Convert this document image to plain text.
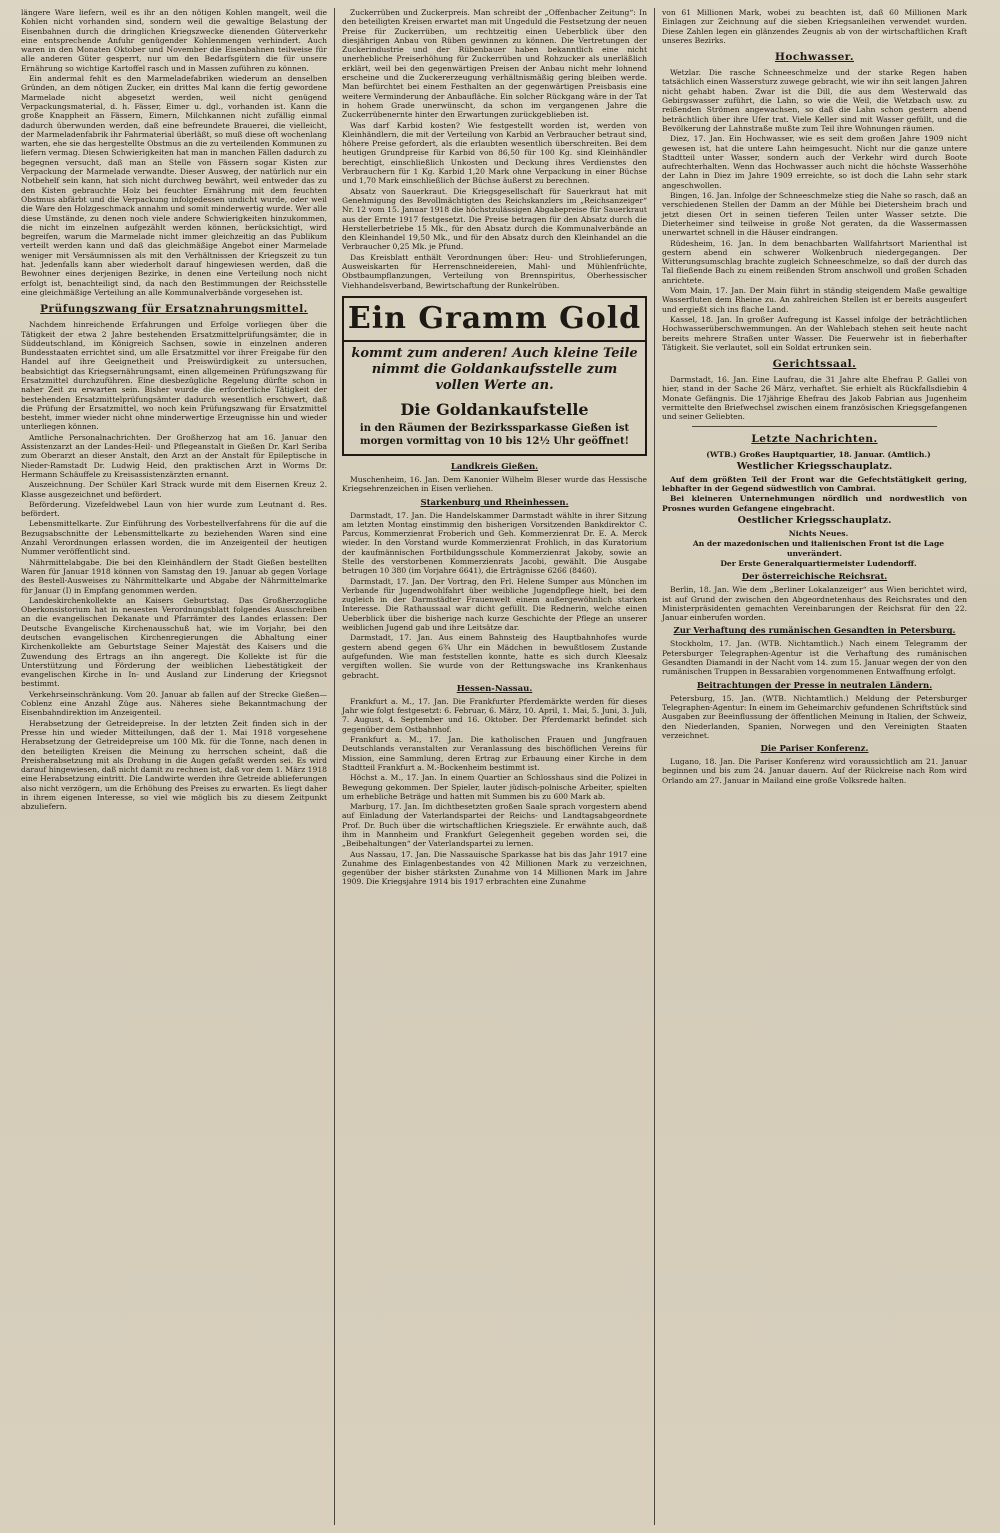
längere Ware liefern, weil es ihr an den nötigen Kohlen mangelt, weil die Kohlen nicht vorhanden sind, sondern weil die gewaltige Belastung der Eisenbahnen durch die dringlichen Kriegszwecke dienenden Güterverkehr eine entsprechende Anfuhr genügender Kohlenmengen verhindert. Auch waren in den Monaten Oktober und November die Eisenbahnen teilweise für alle anderen Güter gesperrt, nur um den Bedarfsgütern die für unsere Ernährung so wichtige Kartoffel rasch und in Massen zuführen zu können.

Ein andermal fehlt es den Marmeladefabriken wiederum an denselben Gründen, an dem nötigen Zucker, ein drittes Mal kann die fertig gewordene Marmelade nicht abgesetzt werden, weil nicht genügend Verpackungsmaterial, d. h. Fässer, Eimer u. dgl., vorhanden ist. Kann die große Knappheit an Fässern, Eimern, Milchkannen nicht zufällig einmal dadurch überwunden werden, daß eine befreundete Brauerei, die vielleicht, der Marmeladenfabrik ihr Fahrmaterial überläßt, so muß diese oft wochenlang warten, ehe sie das hergestellte Obstmus an die zu verteilenden Kommunen zu liefern vermag. Diesen Schwierigkeiten hat man in manchen Fällen dadurch zu begegnen versucht, daß man an Stelle von Fässern sogar Kisten zur Verpackung der Marmelade verwandte. Dieser Ausweg, der natürlich nur ein Notbehelf sein kann, hat sich nicht durchweg bewährt, weil entweder das zu den Kisten gebrauchte Holz bei feuchter Ernährung mit dem feuchten Obstmus abfärbt und die Verpackung infolgedessen undicht wurde, oder weil die Ware den Holzgeschmack annahm und somit minderwertig wurde. Wer alle diese Umstände, zu denen noch viele andere Schwierigkeiten hinzukommen, die nicht im einzelnen aufgezählt werden können, berücksichtigt, wird begreifen, warum die Marmelade nicht immer gleichzeitig an das Publikum verteilt werden kann und daß das gleichmäßige Angebot einer Marmelade weniger mit Versäumnissen als mit den Verhältnissen der Kriegszeit zu tun hat. Jedenfalls kann aber wiederholt darauf hingewiesen werden, daß die Bewohner eines derjenigen Bezirke, in denen eine Verteilung noch nicht erfolgt ist, benachteiligt sind, da nach den Bestimmungen der Reichsstelle eine gleichmäßige Verteilung an alle Kommunalverbände vorgesehen ist.

Prüfungszwang für Ersatznahrungsmittel.

Nachdem hinreichende Erfahrungen und Erfolge vorliegen über die Tätigkeit der etwa 2 Jahre bestehenden Ersatzmittelprüfungsämter, die in Süddeutschland, im Königreich Sachsen, sowie in einzelnen anderen Bundesstaaten errichtet sind, um alle Ersatzmittel vor ihrer Freigabe für den Handel auf ihre Geeignetheit und Preiswürdigkeit zu untersuchen, beabsichtigt das Kriegsernährungsamt, einen allgemeinen Prüfungszwang für Ersatzmittel durchzuführen. Eine diesbezügliche Regelung dürfte schon in naher Zeit zu erwarten sein. Bisher wurde die erforderliche Tätigkeit der bestehenden Ersatzmittelprüfungsämter dadurch wesentlich erschwert, daß die Prüfung der Ersatzmittel, wo noch kein Prüfungszwang für Ersatzmittel besteht, immer wieder nicht ohne minderwertige Erzeugnisse hin und wieder unterliegen können.

Amtliche Personalnachrichten. Der Großherzog hat am 16. Januar den Assistenzarzt an der Landes-Heil- und Pflegeanstalt in Gießen Dr. Karl Seriba zum Oberarzt an dieser Anstalt, den Arzt an der Anstalt für Epileptische in Nieder-Ramstadt Dr. Ludwig Heid, den praktischen Arzt in Worms Dr. Hermann Schäuffele zu Kreisassistenzärzten ernannt.

Auszeichnung. Der Schüler Karl Strack wurde mit dem Eisernen Kreuz 2. Klasse ausgezeichnet und befördert.

Beförderung. Vizefeldwebel Laun von hier wurde zum Leutnant d. Res. befördert.

Lebensmittelkarte. Zur Einführung des Vorbestellverfahrens für die auf die Bezugsabschnitte der Lebensmittelkarte zu beziehenden Waren sind eine Anzahl Verordnungen erlassen worden, die im Anzeigenteil der heutigen Nummer veröffentlicht sind.

Nährmittelabgabe. Die bei den Kleinhändlern der Stadt Gießen bestellten Waren für Januar 1918 können von Samstag den 19. Januar ab gegen Vorlage des Bestell-Ausweises zu Nährmittelkarte und Abgabe der Nährmittelmarke für Januar (I) in Empfang genommen werden.

Landeskirchenkollekte an Kaisers Geburtstag. Das Großherzogliche Oberkonsistorium hat in neuesten Verordnungsblatt folgendes Ausschreiben an die evangelischen Dekanate und Pfarrämter des Landes erlassen: Der Deutsche Evangelische Kirchenausschuß hat, wie im Vorjahr, bei den deutschen evangelischen Kirchenregierungen die Abhaltung einer Kirchenkollekte am Geburtstage Seiner Majestät des Kaisers und die Zuwendung des Ertrags an ihn angeregt. Die Kollekte ist für die Unterstützung und Förderung der weiblichen Liebestätigkeit der evangelischen Kirche in In- und Ausland zur Linderung der Kriegsnot bestimmt.

Verkehrseinschränkung. Vom 20. Januar ab fallen auf der Strecke Gießen—Coblenz eine Anzahl Züge aus. Näheres siehe Bekanntmachung der Eisenbahndirektion im Anzeigenteil.

Herabsetzung der Getreidepreise. In der letzten Zeit finden sich in der Presse hin und wieder Mitteilungen, daß der 1. Mai 1918 vorgesehene Herabsetzung der Getreidepreise um 100 Mk. für die Tonne, nach denen in den beteiligten Kreisen die Meinung zu herrschen scheint, daß die Preisherabsetzung mit als Drohung in die Augen gefaßt werden sei. Es wird darauf hingewiesen, daß nicht damit zu rechnen ist, daß vor dem 1. März 1918 eine Herabsetzung eintritt. Die Landwirte werden ihre Getreide ablieferungen also nicht verzögern, um die Erhöhung des Preises zu erwarten. Es liegt daher in ihrem eigenen Interesse, so viel wie möglich bis zu diesem Zeitpunkt abzuliefern.

Zuckerrüben und Zuckerpreis. Man schreibt der „Offenbacher Zeitung“: In den beteiligten Kreisen erwartet man mit Ungeduld die Festsetzung der neuen Preise für Zuckerrüben, um rechtzeitig einen Ueberblick über den diesjährigen Anbau von Rüben gewinnen zu können. Die Vertretungen der Zuckerindustrie und der Rübenbauer haben bekanntlich eine nicht unerhebliche Preiserhöhung für Zuckerrüben und Rohzucker als unerläßlich erklärt, weil bei den gegenwärtigen Preisen der Anbau nicht mehr lohnend erscheine und die Zuckererzeugung verhältnismäßig gering bleiben werde. Man befürchtet bei einem Festhalten an der gegenwärtigen Preisbasis eine weitere Verminderung der Anbaufläche. Ein solcher Rückgang wäre in der Tat in hohem Grade unerwünscht, da schon im vergangenen Jahre die Zuckerrübenernte hinter den Erwartungen zurückgeblieben ist.

Was darf Karbid kosten? Wie festgestellt worden ist, werden von Kleinhändlern, die mit der Verteilung von Karbid an Verbraucher betraut sind, höhere Preise gefordert, als die erlaubten wesentlich überschreiten. Bei dem heutigen Grundpreise für Karbid von 86,50 für 100 Kg. sind Kleinhändler berechtigt, einschließlich Unkosten und Deckung ihres Verdienstes den Verbrauchern für 1 Kg. Karbid 1,20 Mark ohne Verpackung in einer Büchse und 1,70 Mark einschließlich der Büchse äußerst zu berechnen.

Absatz von Sauerkraut. Die Kriegsgesellschaft für Sauerkraut hat mit Genehmigung des Bevollmächtigten des Reichskanzlers im „Reichsanzeiger“ Nr. 12 vom 15. Januar 1918 die höchstzulässigen Abgabepreise für Sauerkraut aus der Ernte 1917 festgesetzt. Die Preise betragen für den Absatz durch die Herstellerbetriebe 15 Mk., für den Absatz durch die Kommunalverbände an den Kleinhandel 19,50 Mk., und für den Absatz durch den Kleinhandel an die Verbraucher 0,25 Mk. je Pfund.

Das Kreisblatt enthält Verordnungen über: Heu- und Strohlieferungen, Ausweiskarten für Herrenschneidereien, Mahl- und Mühlenfrüchte, Obstbaumpflanzungen, Verteilung von Brennspiritus, Oberhessischer Viehhandelsverband, Bewirtschaftung der Runkelrüben.

Ein Gramm Gold
kommt zum anderen! Auch kleine Teile nimmt die Goldankaufsstelle zum vollen Werte an.
Die Goldankaufstelle
in den Räumen der Bezirkssparkasse Gießen ist morgen vormittag von 10 bis 12½ Uhr geöffnet!
Landkreis Gießen.

Muschenheim, 16. Jan. Dem Kanonier Wilhelm Bleser wurde das Hessische Kriegsehrenzeichen in Eisen verliehen.

Starkenburg und Rheinhessen.

Darmstadt, 17. Jan. Die Handelskammer Darmstadt wählte in ihrer Sitzung am letzten Montag einstimmig den bisherigen Vorsitzenden Bankdirektor C. Parcus, Kommerzienrat Froberich und Geh. Kommerzienrat Dr. E. A. Merck wieder. In den Vorstand wurde Kommerzienrat Frohlich, in das Kuratorium der kaufmännischen Fortbildungsschule Kommerzienrat Jakoby, sowie an Stelle des verstorbenen Kommerzienrats Jacobi, gewählt. Die Ausgabe betrugen 10 380 (im Vorjahre 6641), die Erträgnisse 6266 (8460).

Darmstadt, 17. Jan. Der Vortrag, den Frl. Helene Sumper aus München im Verbande für Jugendwohlfahrt über weibliche Jugendpflege hielt, bei dem zugleich in der Darmstädter Frauenwelt einem außergewöhnlich starken Interesse. Die Rathaussaal war dicht gefüllt. Die Rednerin, welche einen Ueberblick über die bisherige nach kurze Geschichte der Pflege an unserer weiblichen Jugend gab und ihre Leitsätze dar.

Darmstadt, 17. Jan. Aus einem Bahnsteig des Hauptbahnhofes wurde gestern abend gegen 6¾ Uhr ein Mädchen in bewußtlosem Zustande aufgefunden. Wie man feststellen konnte, hatte es sich durch Kleesalz vergiften wollen. Sie wurde von der Rettungswache ins Krankenhaus gebracht.

Hessen-Nassau.

Frankfurt a. M., 17. Jan. Die Frankfurter Pferdemärkte werden für dieses Jahr wie folgt festgesetzt: 6. Februar, 6. März, 10. April, 1. Mai, 5. Juni, 3. Juli, 7. August, 4. September und 16. Oktober. Der Pferdemarkt befindet sich gegenüber dem Ostbahnhof.

Frankfurt a. M., 17. Jan. Die katholischen Frauen und Jungfrauen Deutschlands veranstalten zur Veranlassung des bischöflichen Vereins für Mission, eine Sammlung, deren Ertrag zur Erbauung einer Kirche in dem Stadtteil Frankfurt a. M.-Bockenheim bestimmt ist.

Höchst a. M., 17. Jan. In einem Quartier an Schlosshaus sind die Polizei in Bewegung gekommen. Der Spieler, lauter jüdisch-polnische Arbeiter, spielten um erhebliche Beträge und hatten mit Summen bis zu 600 Mark ab.

Marburg, 17. Jan. Im dichtbesetzten großen Saale sprach vorgestern abend auf Einladung der Vaterlandspartei der Reichs- und Landtagsabgeordnete Prof. Dr. Buch über die wirtschaftlichen Kriegsziele. Er erwähnte auch, daß ihm in Mannheim und Frankfurt Gelegenheit gegeben worden sei, die „Beibehaltungen“ der Vaterlandspartei zu lernen.

Aus Nassau, 17. Jan. Die Nassauische Sparkasse hat bis das Jahr 1917 eine Zunahme des Einlagenbestandes von 42 Millionen Mark zu verzeichnen, gegenüber der bisher stärksten Zunahme von 14 Millionen Mark im Jahre 1909. Die Kriegsjahre 1914 bis 1917 erbrachten eine Zunahme

von 61 Millionen Mark, wobei zu beachten ist, daß 60 Millionen Mark Einlagen zur Zeichnung auf die sieben Kriegsanleihen verwendet wurden. Diese Zahlen legen ein glänzendes Zeugnis ab von der wirtschaftlichen Kraft unseres Bezirks.

Hochwasser.

Wetzlar. Die rasche Schneeschmelze und der starke Regen haben tatsächlich einen Wassersturz zuwege gebracht, wie wir ihn seit langen Jahren nicht gehabt haben. Zwar ist die Dill, die aus dem Westerwald das Gebirgswasser zuführt, die Lahn, so wie die Weil, die Wetzbach usw. zu reißenden Strömen angewachsen, so daß die Lahn schon gestern abend beträchtlich über ihre Ufer trat. Viele Keller sind mit Wasser gefüllt, und die Bevölkerung der Lahnstraße mußte zum Teil ihre Wohnungen räumen.

Diez, 17. Jan. Ein Hochwasser, wie es seit dem großen Jahre 1909 nicht gewesen ist, hat die untere Lahn heimgesucht. Nicht nur die ganze untere Stadtteil unter Wasser, sondern auch der Verkehr wird durch Boote aufrechterhalten. Wenn das Hochwasser auch nicht die höchste Wasserhöhe der Lahn in Diez im Jahre 1909 erreichte, so ist doch die Lahn sehr stark angeschwollen.

Bingen, 16. Jan. Infolge der Schneeschmelze stieg die Nahe so rasch, daß an verschiedenen Stellen der Damm an der Mühle bei Dietersheim brach und jetzt diesen Ort in seinen tieferen Teilen unter Wasser setzte. Die Dieterheimer sind teilweise in große Not geraten, da die Wassermassen unerwartet schnell in die Häuser eindrangen.

Rüdesheim, 16. Jan. In dem benachbarten Wallfahrtsort Marienthal ist gestern abend ein schwerer Wolkenbruch niedergegangen. Der Witterungsumschlag brachte zugleich Schneeschmelze, so daß der durch das Tal fließende Bach zu einem reißenden Strom anschwoll und großen Schaden anrichtete.

Vom Main, 17. Jan. Der Main führt in ständig steigendem Maße gewaltige Wasserfluten dem Rheine zu. An zahlreichen Stellen ist er bereits ausgeufert und ergießt sich ins flache Land.

Kassel, 18. Jan. In großer Aufregung ist Kassel infolge der beträchtlichen Hochwasserüberschwemmungen. An der Wahlebach stehen seit heute nacht bereits mehrere Straßen unter Wasser. Die Feuerwehr ist in fieberhafter Tätigkeit. Sie verlautet, soll ein Soldat ertrunken sein.

Gerichtssaal.

Darmstadt, 16. Jan. Eine Laufrau, die 31 Jahre alte Ehefrau P. Gallei von hier, stand in der Sache 26 März, verhaftet. Sie erhielt als Rückfallsdiebin 4 Monate Gefängnis. Die 17jährige Ehefrau des Jakob Fabrian aus Jugenheim vermittelte den Briefwechsel zwischen einem französischen Kriegsgefangenen und seiner Geliebten.

Letzte Nachrichten.

(WTB.) Großes Hauptquartier, 18. Januar. (Amtlich.)

Westlicher Kriegsschauplatz.

Auf dem größten Teil der Front war die Gefechtstätigkeit gering, lebhafter in der Gegend südwestlich von Cambrai.

Bei kleineren Unternehmungen nördlich und nordwestlich von Prosnes wurden Gefangene eingebracht.

Oestlicher Kriegsschauplatz.

Nichts Neues.

An der mazedonischen und italienischen Front ist die Lage unverändert.

Der Erste Generalquartiermeister Ludendorff.

Der österreichische Reichsrat.

Berlin, 18. Jan. Wie dem „Berliner Lokalanzeiger“ aus Wien berichtet wird, ist auf Grund der zwischen den Abgeordnetenhaus des Reichsrates und den Ministerpräsidenten gemachten Vereinbarungen der Reichsrat für den 22. Januar einberufen worden.

Zur Verhaftung des rumänischen Gesandten in Petersburg.

Stockholm, 17. Jan. (WTB. Nichtamtlich.) Nach einem Telegramm der Petersburger Telegraphen-Agentur ist die Verhaftung des rumänischen Gesandten Diamandi in der Nacht vom 14. zum 15. Januar wegen der von den rumänischen Truppen in Bessarabien vorgenommenen Entwaffnung erfolgt.

Beitrachtungen der Presse in neutralen Ländern.

Petersburg, 15. Jan. (WTB. Nichtamtlich.) Meldung der Petersburger Telegraphen-Agentur: In einem im Geheimarchiv gefundenen Schriftstück sind Ausgaben zur Beeinflussung der öffentlichen Meinung in Italien, der Schweiz, den Niederlanden, Spanien, Norwegen und den Vereinigten Staaten verzeichnet.

Die Pariser Konferenz.

Lugano, 18. Jan. Die Pariser Konferenz wird voraussichtlich am 21. Januar beginnen und bis zum 24. Januar dauern. Auf der Rückreise nach Rom wird Orlando am 27. Januar in Mailand eine große Volksrede halten.
